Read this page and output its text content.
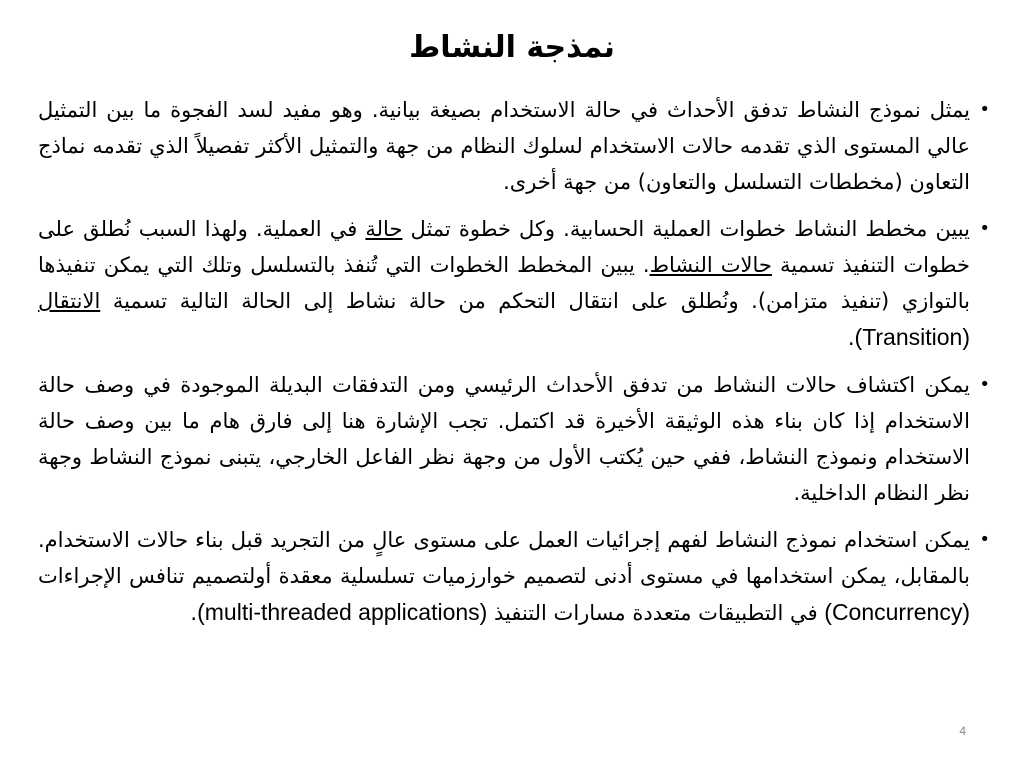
نمذجة النشاط

•
يمثل نموذج النشاط تدفق الأحداث في حالة الاستخدام بصيغة بيانية. وهو مفيد لسد الفجوة ما بين التمثيل عالي المستوى الذي تقدمه حالات الاستخدام لسلوك النظام من جهة والتمثيل الأكثر تفصيلاً الذي تقدمه نماذج التعاون (مخططات التسلسل والتعاون) من جهة أخرى.

•
يبين مخطط النشاط خطوات العملية الحسابية. وكل خطوة تمثل حالة في العملية. ولهذا السبب نُطلق على خطوات التنفيذ تسمية حالات النشاط. يبين المخطط الخطوات التي تُنفذ بالتسلسل وتلك التي يمكن تنفيذها بالتوازي (تنفيذ متزامن). ونُطلق على انتقال التحكم من حالة نشاط إلى الحالة التالية تسمية الانتقال (Transition).

•
يمكن اكتشاف حالات النشاط من تدفق الأحداث الرئيسي ومن التدفقات البديلة الموجودة في وصف حالة الاستخدام إذا كان بناء هذه الوثيقة الأخيرة قد اكتمل. تجب الإشارة هنا إلى فارق هام ما بين وصف حالة الاستخدام ونموذج النشاط، ففي حين يُكتب الأول من وجهة نظر الفاعل الخارجي، يتبنى نموذج النشاط وجهة نظر النظام الداخلية.

•
يمكن استخدام نموذج النشاط لفهم إجرائيات العمل على مستوى عالٍ من التجريد قبل بناء حالات الاستخدام. بالمقابل، يمكن استخدامها في مستوى أدنى لتصميم خوارزميات تسلسلية معقدة أولتصميم تنافس الإجراءات (Concurrency) في التطبيقات متعددة مسارات التنفيذ (multi-threaded applications).

4
